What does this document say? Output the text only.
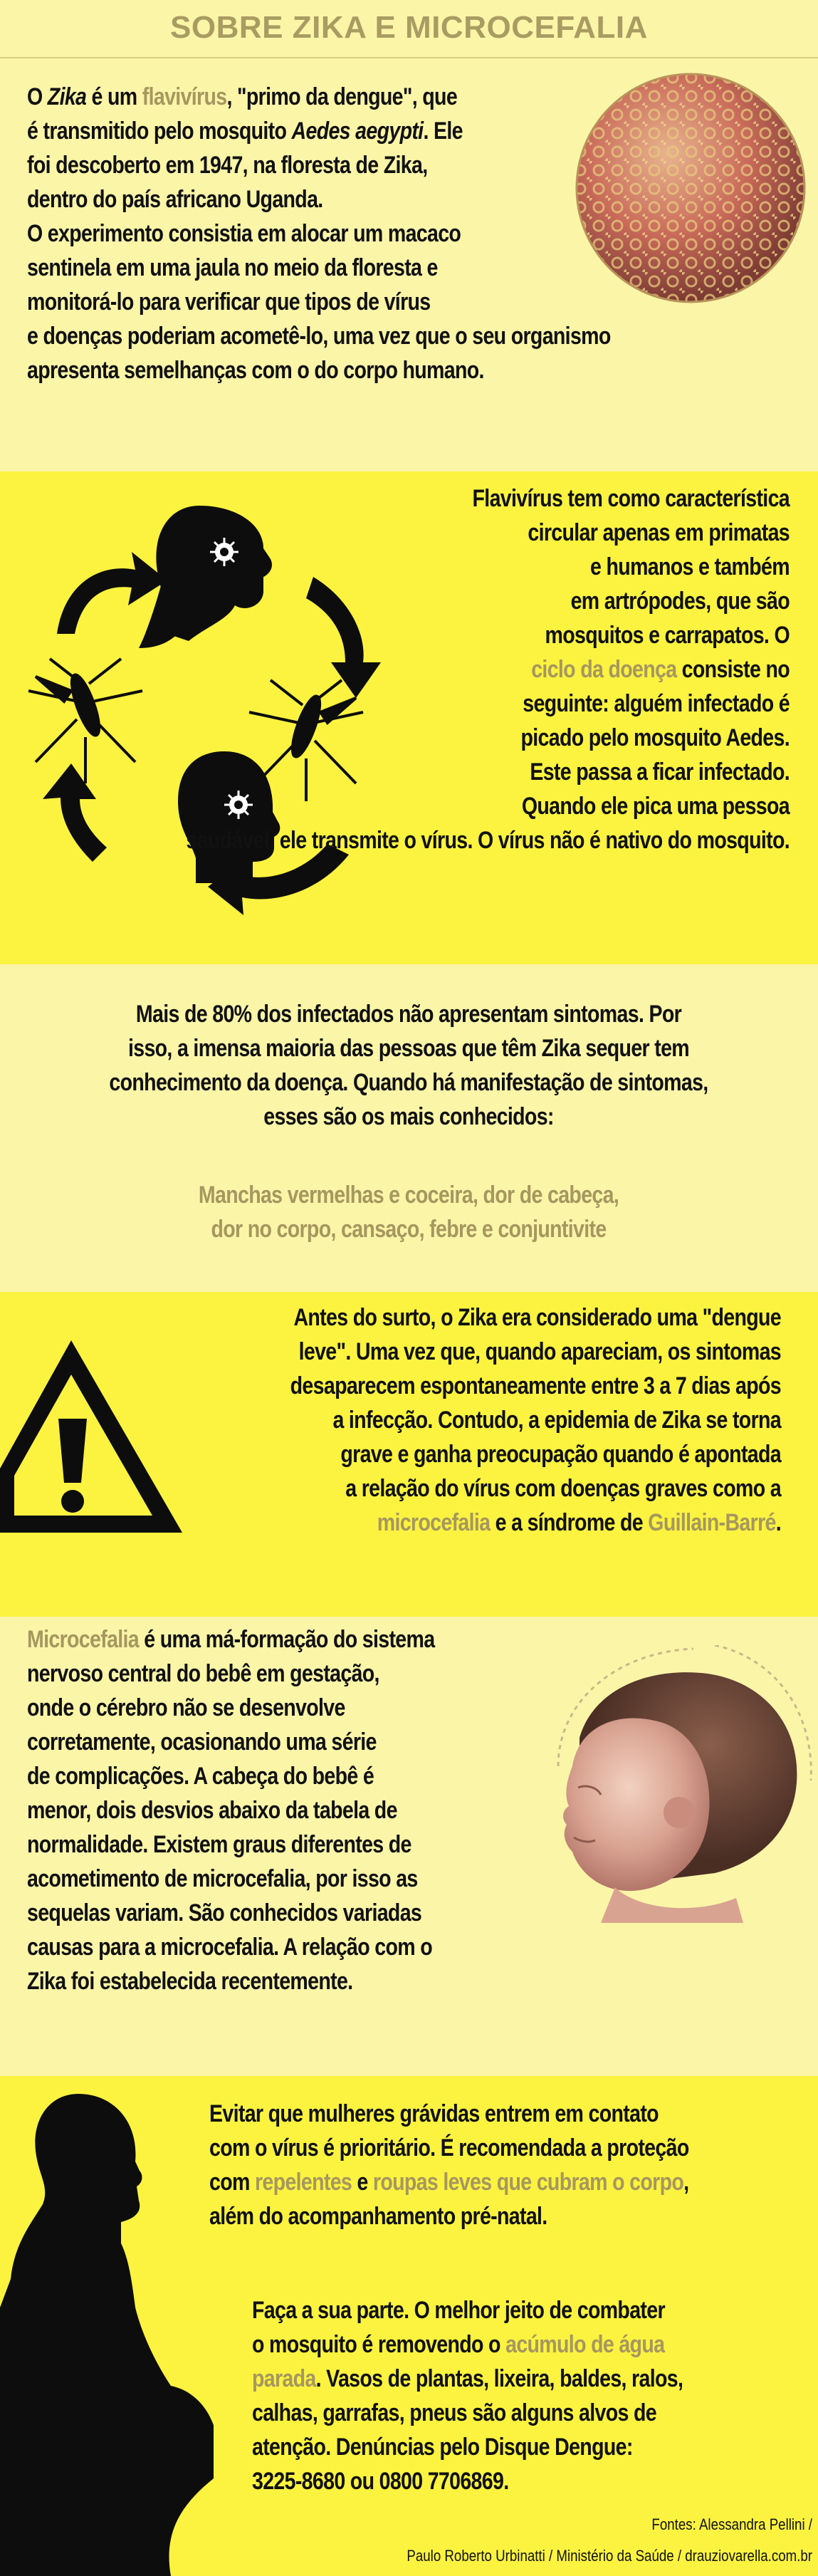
SOBRE ZIKA E MICROCEFALIA
O Zika é um flavivírus, "primo da dengue", que
é transmitido pelo mosquito Aedes aegypti. Ele
foi descoberto em 1947, na floresta de Zika,
dentro do país africano Uganda.
O experimento consistia em alocar um macaco
sentinela em uma jaula no meio da floresta e
monitorá-lo para verificar que tipos de vírus
e doenças poderiam acometê-lo, uma vez que o seu organismo
apresenta semelhanças com o do corpo humano.
Flavivírus tem como característica
circular apenas em primatas
e humanos e também
em artrópodes, que são
mosquitos e carrapatos. O
ciclo da doença consiste no
seguinte: alguém infectado é
picado pelo mosquito Aedes.
Este passa a ficar infectado.
Quando ele pica uma pessoa
saudável, ele transmite o vírus. O vírus não é nativo do mosquito.
Mais de 80% dos infectados não apresentam sintomas. Por
isso, a imensa maioria das pessoas que têm Zika sequer tem
conhecimento da doença. Quando há manifestação de sintomas,
esses são os mais conhecidos:
Manchas vermelhas e coceira, dor de cabeça,
dor no corpo, cansaço, febre e conjuntivite
Antes do surto, o Zika era considerado uma "dengue
leve". Uma vez que, quando apareciam, os sintomas
desaparecem espontaneamente entre 3 a 7 dias após
a infecção. Contudo, a epidemia de Zika se torna
grave e ganha preocupação quando é apontada
a relação do vírus com doenças graves como a
microcefalia e a síndrome de Guillain-Barré.
Microcefalia é uma má-formação do sistema
nervoso central do bebê em gestação,
onde o cérebro não se desenvolve
corretamente, ocasionando uma série
de complicações. A cabeça do bebê é
menor, dois desvios abaixo da tabela de
normalidade. Existem graus diferentes de
acometimento de microcefalia, por isso as
sequelas variam. São conhecidos variadas
causas para a microcefalia. A relação com o
Zika foi estabelecida recentemente.
Evitar que mulheres grávidas entrem em contato
com o vírus é prioritário. É recomendada a proteção
com repelentes e roupas leves que cubram o corpo,
além do acompanhamento pré-natal.
Faça a sua parte. O melhor jeito de combater
o mosquito é removendo o acúmulo de água
parada. Vasos de plantas, lixeira, baldes, ralos,
calhas, garrafas, pneus são alguns alvos de
atenção. Denúncias pelo Disque Dengue:
3225-8680 ou 0800 7706869.
Fontes: Alessandra Pellini /
Paulo Roberto Urbinatti / Ministério da Saúde / drauziovarella.com.br
